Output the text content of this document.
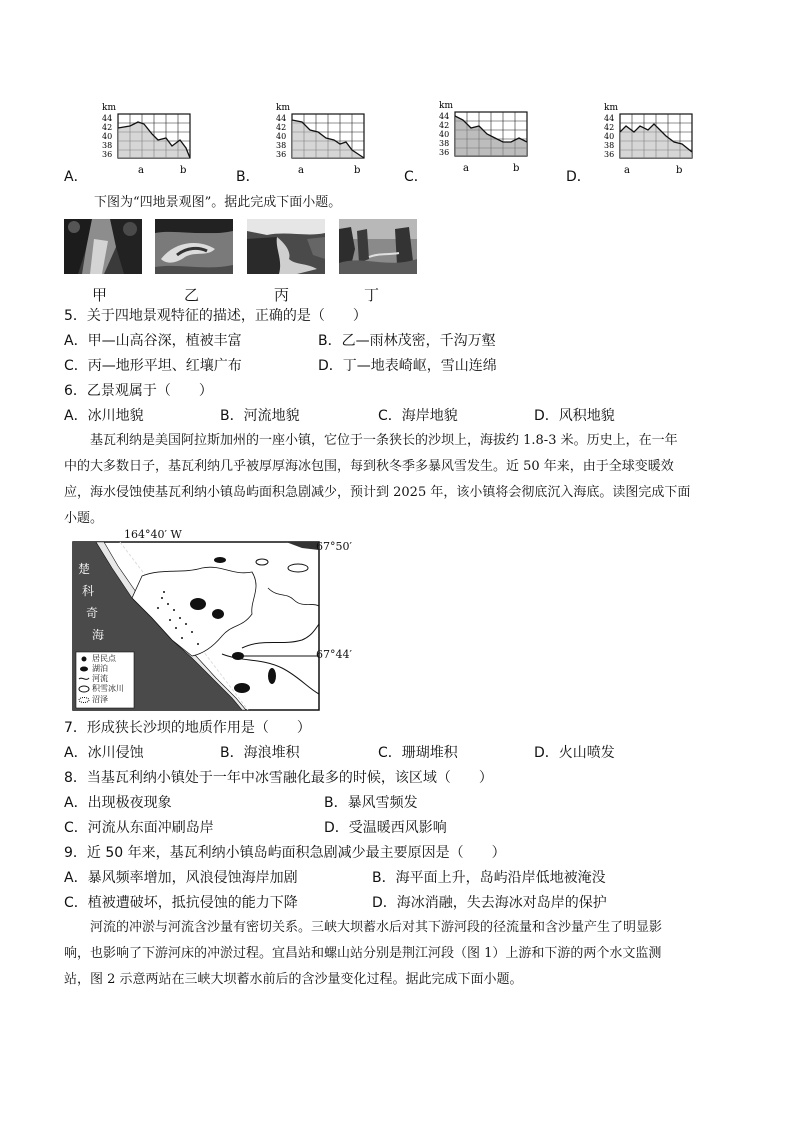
km
44
42
40
38
36
a	b
A．
km
44
42
40
38
36
a	b
B．
km
44
42
40
38
36
a	b
C．
km
44
42
40
38
36
a	b
D．
下图为“四地景观图”。据此完成下面小题。
甲	乙	丙	丁
5．关于四地景观特征的描述，正确的是（　　）
A．甲—山高谷深，植被丰富	B．乙—雨林茂密，千沟万壑
C．丙—地形平坦、红壤广布	D．丁—地表崎岖，雪山连绵
6．乙景观属于（　　）
A．冰川地貌	B．河流地貌	C．海岸地貌	D．风积地貌
基瓦利纳是美国阿拉斯加州的一座小镇，它位于一条狭长的沙坝上，海拔约 1.8-3 米。历史上，在一年
中的大多数日子，基瓦利纳几乎被厚厚海冰包围，每到秋冬季多暴风雪发生。近 50 年来，由于全球变暖效
应，海水侵蚀使基瓦利纳小镇岛屿面积急剧减少，预计到 2025 年，该小镇将会彻底沉入海底。读图完成下面
小题。
164°40′ W
67°50′
67°44′
楚
科
奇
海
居民点
湖泊
河流
积雪冰川
沼泽
7．形成狭长沙坝的地质作用是（　　）
A．冰川侵蚀	B．海浪堆积	C．珊瑚堆积	D．火山喷发
8．当基瓦利纳小镇处于一年中冰雪融化最多的时候，该区域（　　）
A．出现极夜现象	B．暴风雪频发
C．河流从东面冲刷岛岸	D．受温暖西风影响
9．近 50 年来，基瓦利纳小镇岛屿面积急剧减少最主要原因是（　　）
A．暴风频率增加，风浪侵蚀海岸加剧	B．海平面上升，岛屿沿岸低地被淹没
C．植被遭破坏，抵抗侵蚀的能力下降	D．海冰消融，失去海冰对岛岸的保护
河流的冲淤与河流含沙量有密切关系。三峡大坝蓄水后对其下游河段的径流量和含沙量产生了明显影
响，也影响了下游河床的冲淤过程。宜昌站和螺山站分别是荆江河段（图 1）上游和下游的两个水文监测
站，图 2 示意两站在三峡大坝蓄水前后的含沙量变化过程。据此完成下面小题。
